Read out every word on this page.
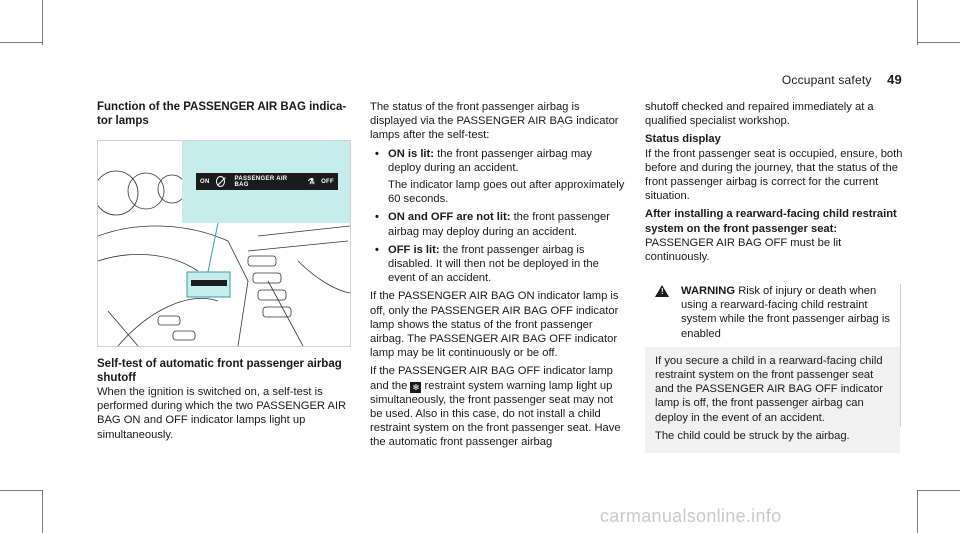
Occupant safety 49
Function of the PASSENGER AIR BAG indica-
tor lamps
ON	PASSENGER AIR BAG	⚗ OFF
Self-test of automatic front passenger airbag
shutoff

When the ignition is switched on, a self-test is performed during which the two PASSENGER AIR BAG ON and OFF indicator lamps light up simultaneously.

The status of the front passenger airbag is displayed via the PASSENGER AIR BAG indicator lamps after the self-test:

• ON is lit: the front passenger airbag may deploy during an accident.
The indicator lamp goes out after approximately 60 seconds.
• ON and OFF are not lit: the front passenger airbag may deploy during an accident.
• OFF is lit: the front passenger airbag is disabled. It will then not be deployed in the event of an accident.

If the PASSENGER AIR BAG ON indicator lamp is off, only the PASSENGER AIR BAG OFF indicator lamp shows the status of the front passenger airbag. The PASSENGER AIR BAG OFF indicator lamp may be lit continuously or be off.

If the PASSENGER AIR BAG OFF indicator lamp and the ✻ restraint system warning lamp light up simultaneously, the front passenger seat may not be used. Also in this case, do not install a child restraint system on the front passenger seat. Have the automatic front passenger airbag

shutoff checked and repaired immediately at a qualified specialist workshop.

Status display

If the front passenger seat is occupied, ensure, both before and during the journey, that the status of the front passenger airbag is correct for the current situation.

After installing a rearward-facing child restraint system on the front passenger seat: PASSENGER AIR BAG OFF must be lit continuously.

! WARNING Risk of injury or death when using a rearward-facing child restraint system while the front passenger airbag is enabled

If you secure a child in a rearward-facing child restraint system on the front passenger seat and the PASSENGER AIR BAG OFF indicator lamp is off, the front passenger airbag can deploy in the event of an accident.

The child could be struck by the airbag.

carmanualsonline.info
